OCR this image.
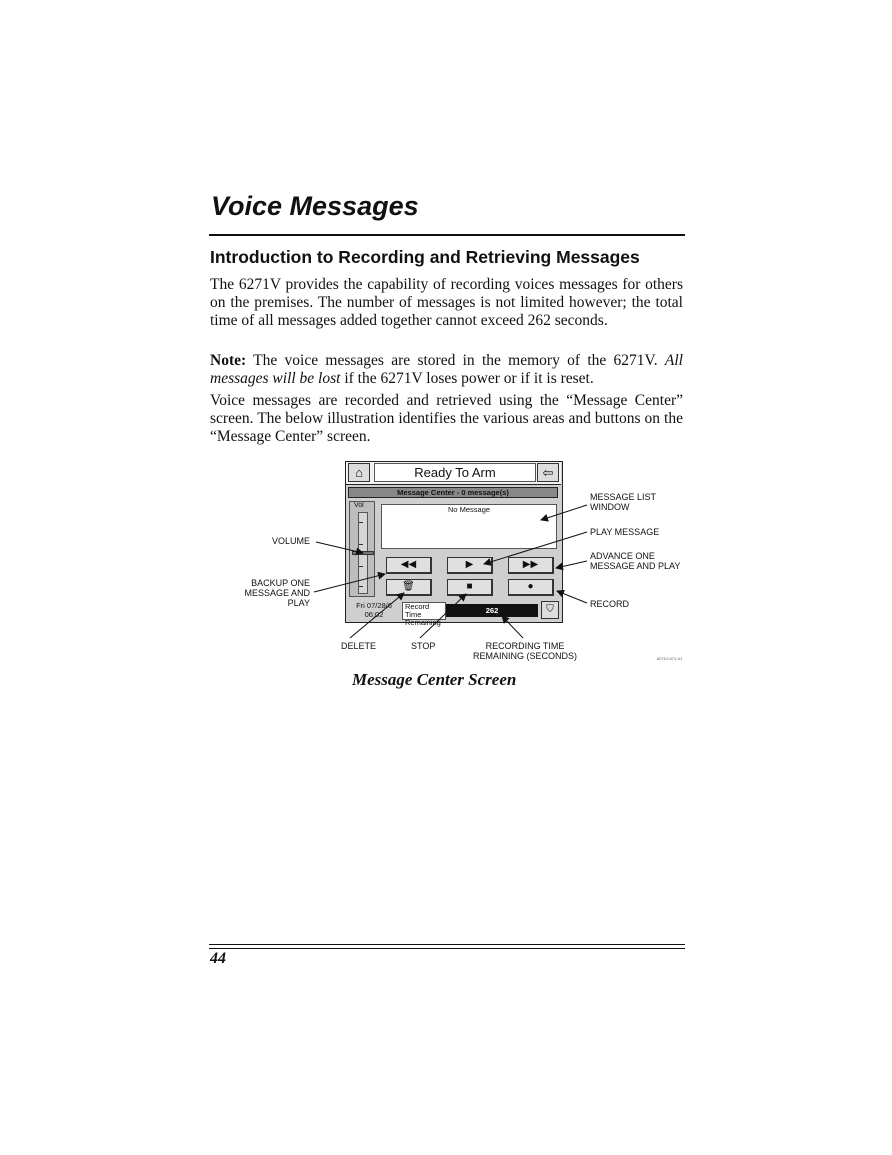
Voice Messages
Introduction to Recording and Retrieving Messages

The 6271V provides the capability of recording voices messages for others on the premises. The number of messages is not limited however; the total time of all messages added together cannot exceed 262 seconds.

Note: The voice messages are stored in the memory of the 6271V. All messages will be lost if the 6271V loses power or if it is reset.

Voice messages are recorded and retrieved using the “Message Center” screen. The below illustration identifies the various areas and buttons on the “Message Center” screen.

⌂	Ready To Arm	⇦
Message Center - 0 message(s)
Vol	No Message
◀◀	▶	▶▶
🗑	■	●
Fri 07/28/6
06:02
Record Time
Remaining
262	⛉
MESSAGE LIST
WINDOW
PLAY MESSAGE
ADVANCE ONE
MESSAGE AND PLAY
RECORD
VOLUME
BACKUP ONE
MESSAGE AND
PLAY
DELETE	STOP	RECORDING TIME
REMAINING (SECONDS)	6271V-071-V1
Message Center Screen
44
